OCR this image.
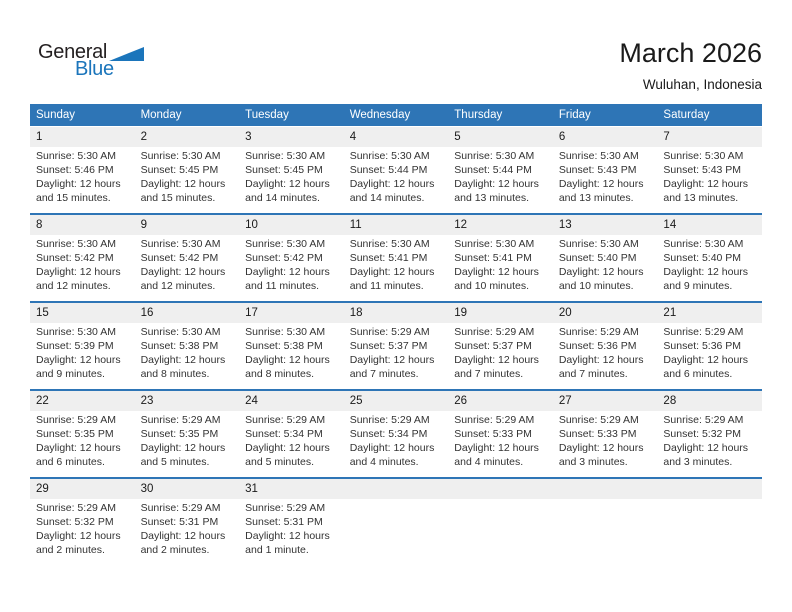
General
Blue
March 2026
Wuluhan, Indonesia
Sunday	Monday	Tuesday	Wednesday	Thursday	Friday	Saturday
1	2	3	4	5	6	7
Sunrise: 5:30 AM
Sunset: 5:46 PM
Daylight: 12 hours and 15 minutes.
Sunrise: 5:30 AM
Sunset: 5:45 PM
Daylight: 12 hours and 15 minutes.
Sunrise: 5:30 AM
Sunset: 5:45 PM
Daylight: 12 hours and 14 minutes.
Sunrise: 5:30 AM
Sunset: 5:44 PM
Daylight: 12 hours and 14 minutes.
Sunrise: 5:30 AM
Sunset: 5:44 PM
Daylight: 12 hours and 13 minutes.
Sunrise: 5:30 AM
Sunset: 5:43 PM
Daylight: 12 hours and 13 minutes.
Sunrise: 5:30 AM
Sunset: 5:43 PM
Daylight: 12 hours and 13 minutes.
8	9	10	11	12	13	14
Sunrise: 5:30 AM
Sunset: 5:42 PM
Daylight: 12 hours and 12 minutes.
Sunrise: 5:30 AM
Sunset: 5:42 PM
Daylight: 12 hours and 12 minutes.
Sunrise: 5:30 AM
Sunset: 5:42 PM
Daylight: 12 hours and 11 minutes.
Sunrise: 5:30 AM
Sunset: 5:41 PM
Daylight: 12 hours and 11 minutes.
Sunrise: 5:30 AM
Sunset: 5:41 PM
Daylight: 12 hours and 10 minutes.
Sunrise: 5:30 AM
Sunset: 5:40 PM
Daylight: 12 hours and 10 minutes.
Sunrise: 5:30 AM
Sunset: 5:40 PM
Daylight: 12 hours and 9 minutes.
15	16	17	18	19	20	21
Sunrise: 5:30 AM
Sunset: 5:39 PM
Daylight: 12 hours and 9 minutes.
Sunrise: 5:30 AM
Sunset: 5:38 PM
Daylight: 12 hours and 8 minutes.
Sunrise: 5:30 AM
Sunset: 5:38 PM
Daylight: 12 hours and 8 minutes.
Sunrise: 5:29 AM
Sunset: 5:37 PM
Daylight: 12 hours and 7 minutes.
Sunrise: 5:29 AM
Sunset: 5:37 PM
Daylight: 12 hours and 7 minutes.
Sunrise: 5:29 AM
Sunset: 5:36 PM
Daylight: 12 hours and 7 minutes.
Sunrise: 5:29 AM
Sunset: 5:36 PM
Daylight: 12 hours and 6 minutes.
22	23	24	25	26	27	28
Sunrise: 5:29 AM
Sunset: 5:35 PM
Daylight: 12 hours and 6 minutes.
Sunrise: 5:29 AM
Sunset: 5:35 PM
Daylight: 12 hours and 5 minutes.
Sunrise: 5:29 AM
Sunset: 5:34 PM
Daylight: 12 hours and 5 minutes.
Sunrise: 5:29 AM
Sunset: 5:34 PM
Daylight: 12 hours and 4 minutes.
Sunrise: 5:29 AM
Sunset: 5:33 PM
Daylight: 12 hours and 4 minutes.
Sunrise: 5:29 AM
Sunset: 5:33 PM
Daylight: 12 hours and 3 minutes.
Sunrise: 5:29 AM
Sunset: 5:32 PM
Daylight: 12 hours and 3 minutes.
29	30	31
Sunrise: 5:29 AM
Sunset: 5:32 PM
Daylight: 12 hours and 2 minutes.
Sunrise: 5:29 AM
Sunset: 5:31 PM
Daylight: 12 hours and 2 minutes.
Sunrise: 5:29 AM
Sunset: 5:31 PM
Daylight: 12 hours and 1 minute.
